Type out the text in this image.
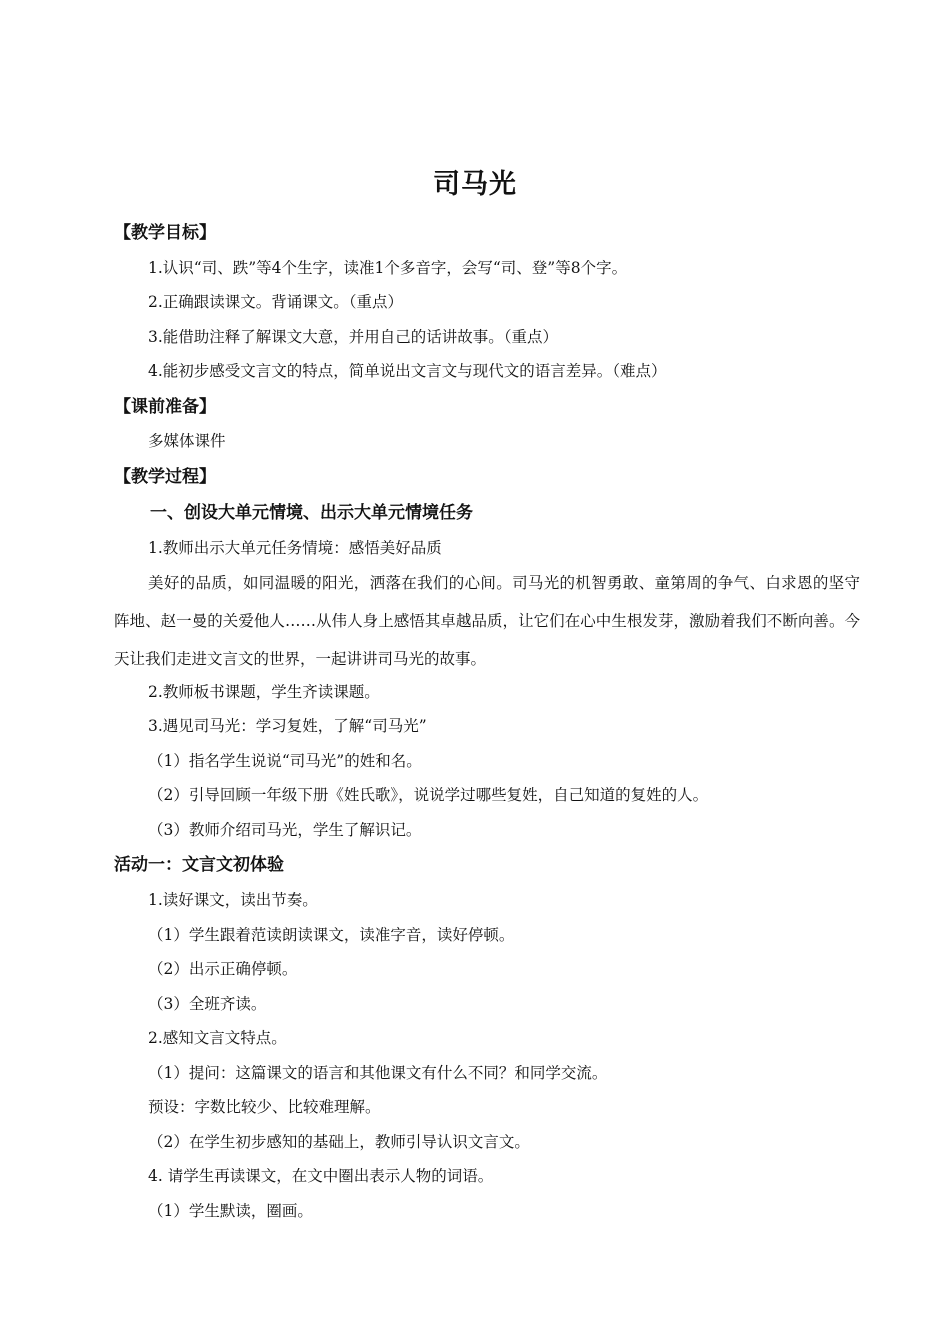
司马光
【教学目标】
1.认识“司、跌”等4个生字，读准1个多音字，会写“司、登”等8个字。
2.正确跟读课文。背诵课文。（重点）
3.能借助注释了解课文大意，并用自己的话讲故事。（重点）
4.能初步感受文言文的特点，简单说出文言文与现代文的语言差异。（难点）
【课前准备】
多媒体课件
【教学过程】
一、创设大单元情境、出示大单元情境任务
1.教师出示大单元任务情境：感悟美好品质
美好的品质，如同温暖的阳光，洒落在我们的心间。司马光的机智勇敢、童第周的争气、白求恩的坚守阵地、赵一曼的关爱他人……从伟人身上感悟其卓越品质，让它们在心中生根发芽，激励着我们不断向善。今天让我们走进文言文的世界，一起讲讲司马光的故事。
2.教师板书课题，学生齐读课题。
3.遇见司马光：学习复姓，了解“司马光”
（1）指名学生说说“司马光”的姓和名。
（2）引导回顾一年级下册《姓氏歌》，说说学过哪些复姓，自己知道的复姓的人。
（3）教师介绍司马光，学生了解识记。
活动一：文言文初体验
1.读好课文，读出节奏。
（1）学生跟着范读朗读课文，读准字音，读好停顿。
（2）出示正确停顿。
（3）全班齐读。
2.感知文言文特点。
（1）提问：这篇课文的语言和其他课文有什么不同？和同学交流。
预设：字数比较少、比较难理解。
（2）在学生初步感知的基础上，教师引导认识文言文。
4. 请学生再读课文，在文中圈出表示人物的词语。
（1）学生默读，圈画。
